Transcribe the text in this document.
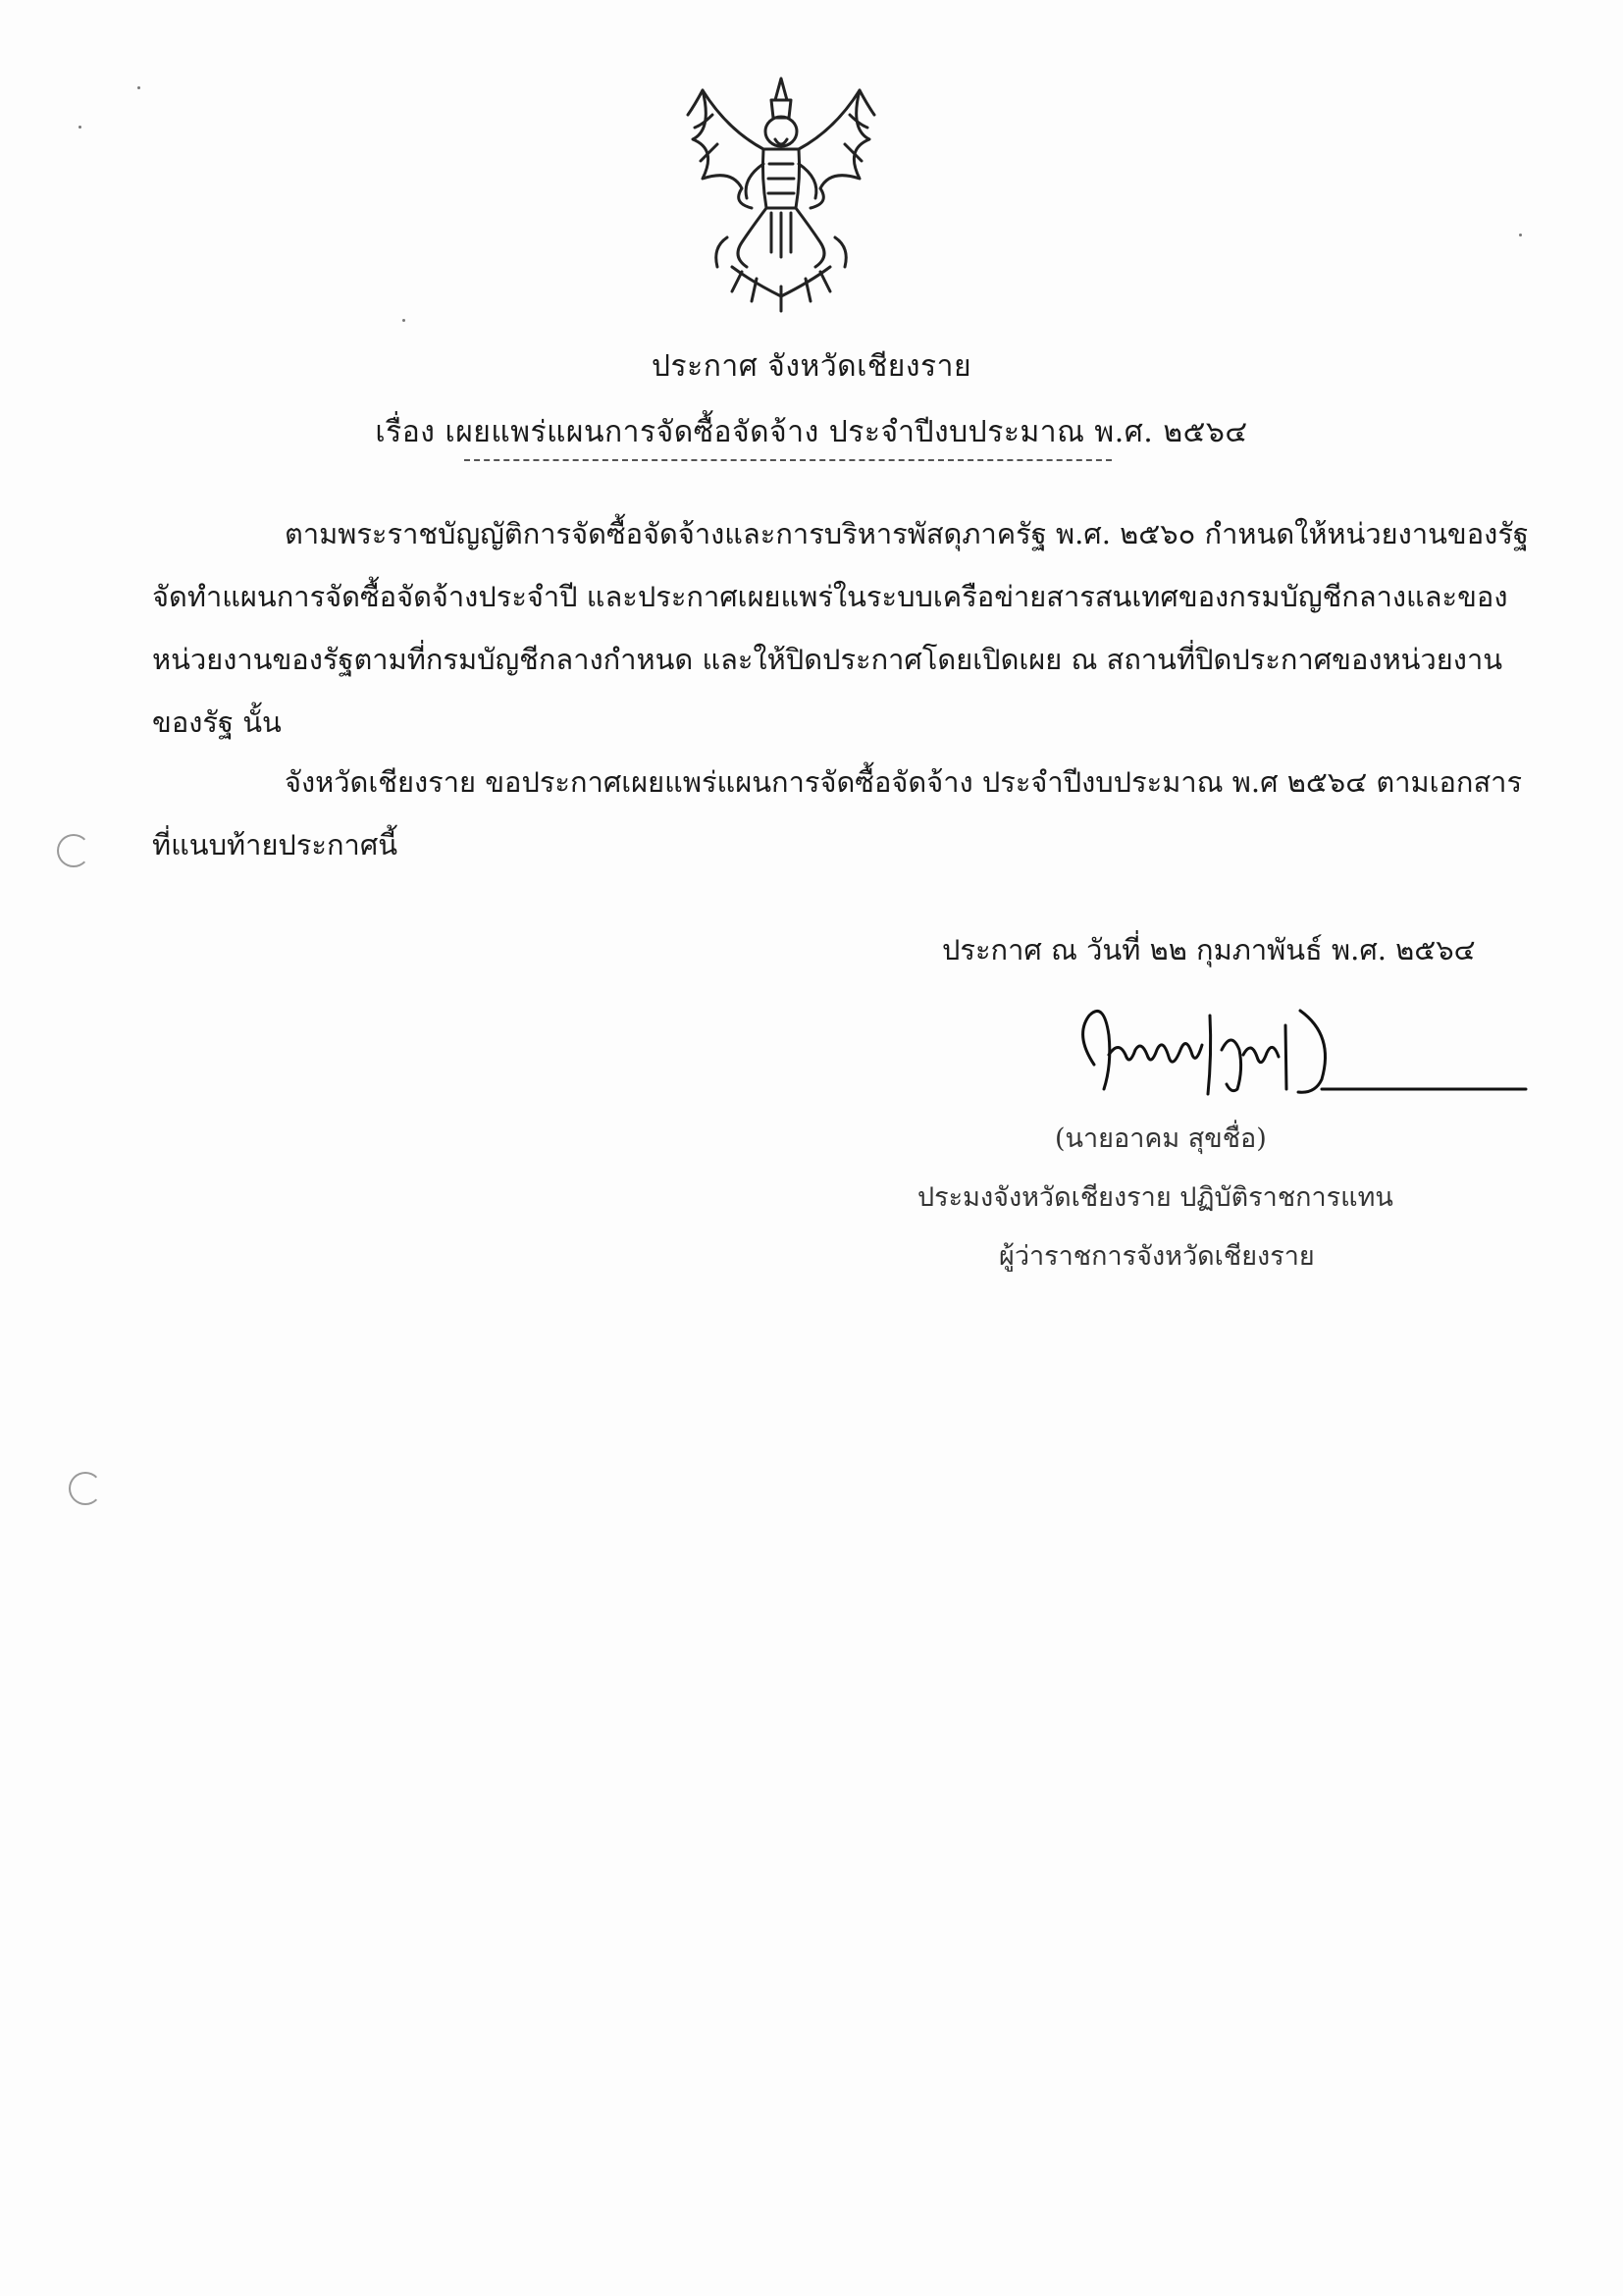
ประกาศ จังหวัดเชียงราย
เรื่อง เผยแพร่แผนการจัดซื้อจัดจ้าง ประจำปีงบประมาณ พ.ศ. ๒๕๖๔
ตามพระราชบัญญัติการจัดซื้อจัดจ้างและการบริหารพัสดุภาครัฐ พ.ศ. ๒๕๖๐ กำหนดให้หน่วยงานของรัฐ
จัดทำแผนการจัดซื้อจัดจ้างประจำปี และประกาศเผยแพร่ในระบบเครือข่ายสารสนเทศของกรมบัญชีกลางและของ
หน่วยงานของรัฐตามที่กรมบัญชีกลางกำหนด และให้ปิดประกาศโดยเปิดเผย ณ สถานที่ปิดประกาศของหน่วยงาน
ของรัฐ นั้น
จังหวัดเชียงราย ขอประกาศเผยแพร่แผนการจัดซื้อจัดจ้าง ประจำปีงบประมาณ พ.ศ ๒๕๖๔ ตามเอกสาร
ที่แนบท้ายประกาศนี้
ประกาศ ณ วันที่ ๒๒ กุมภาพันธ์ พ.ศ. ๒๕๖๔
(นายอาคม สุขชื่อ)
ประมงจังหวัดเชียงราย ปฏิบัติราชการแทน
ผู้ว่าราชการจังหวัดเชียงราย
